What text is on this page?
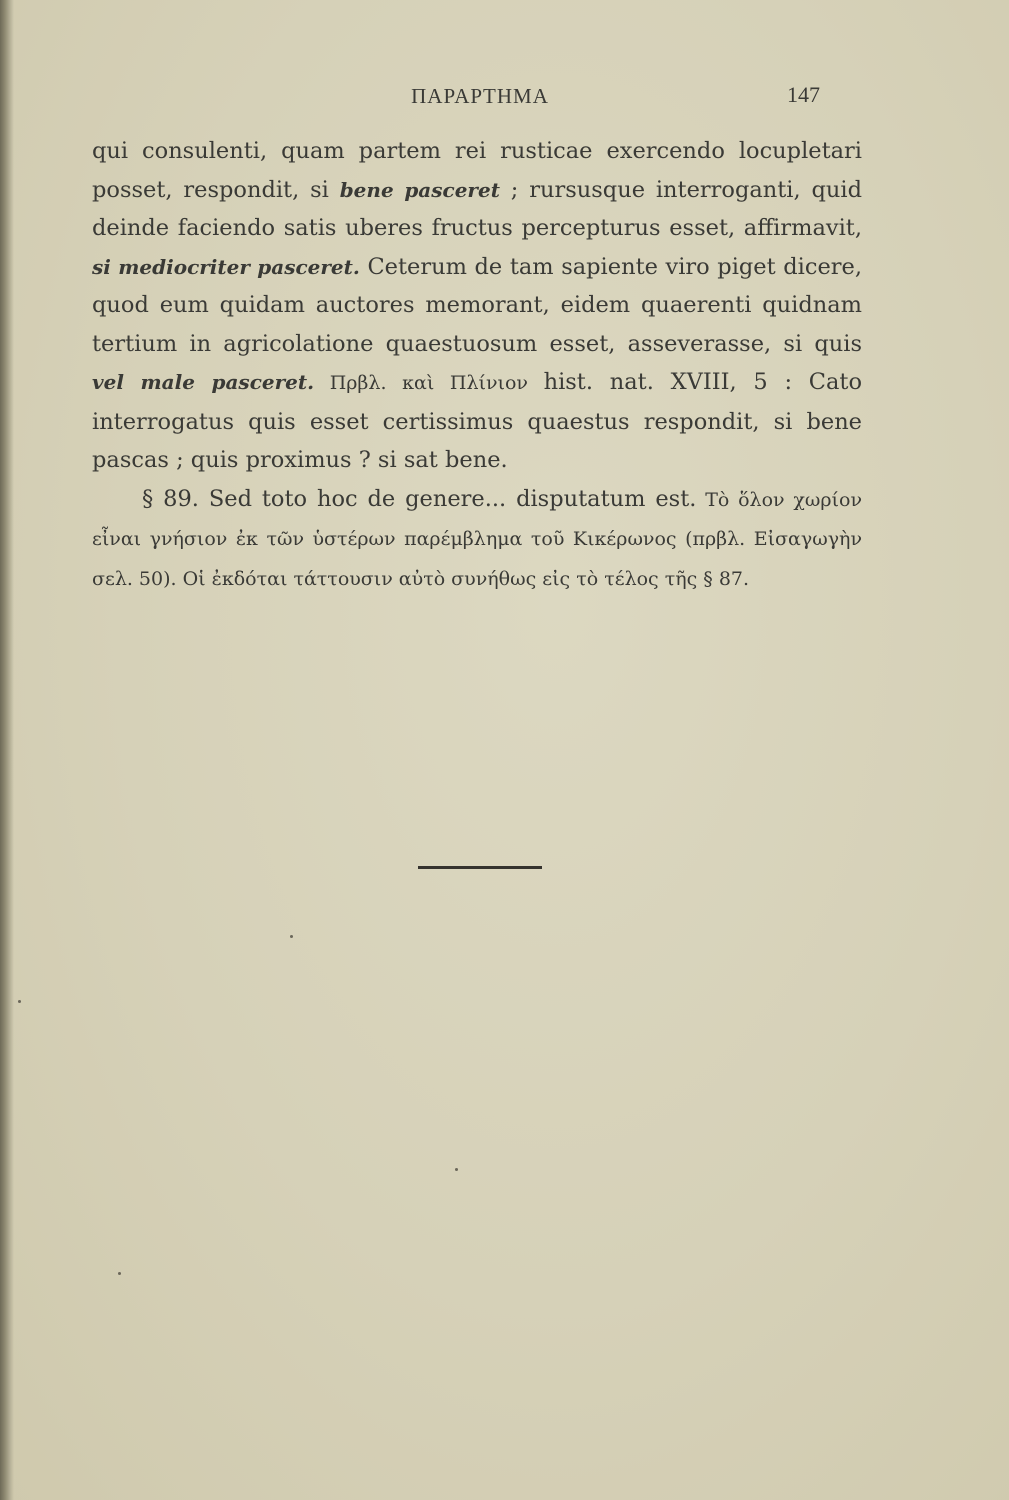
ΠΑΡΑΡΤΗΜΑ	147

qui consulenti, quam partem rei rusticae exercendo locupletari posset, respondit, si bene pasceret ; rursusque interroganti, quid deinde faciendo satis uberes fructus percepturus esset, affirmavit, si mediocriter pasceret. Ceterum de tam sapiente viro piget dicere, quod eum quidam auctores memorant, eidem quaerenti quidnam tertium in agricolatione quaestuosum esset, asseverasse, si quis vel male pasceret. Πρβλ. καὶ Πλίνιον hist. nat. XVIII, 5 : Cato interrogatus quis esset certissimus quaestus respondit, si bene pascas ; quis proximus ? si sat bene.

§ 89. Sed toto hoc de genere... disputatum est. Τὸ ὅλον χωρίον εἶναι γνήσιον ἐκ τῶν ὑστέρων παρέμβλημα τοῦ Κικέρωνος (πρβλ. Εἰσαγωγὴν σελ. 50). Οἱ ἐκδόται τάττουσιν αὐτὸ συνήθως εἰς τὸ τέλος τῆς § 87.
